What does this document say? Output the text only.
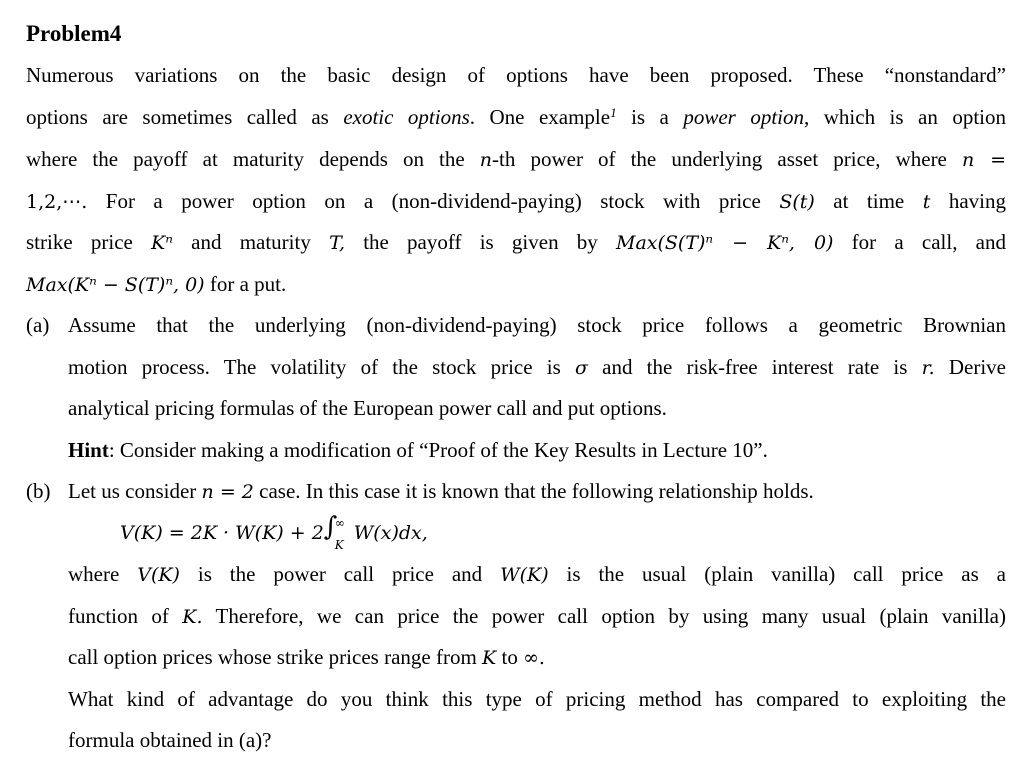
Problem4
Numerous variations on the basic design of options have been proposed. These “nonstandard”
options are sometimes called as exotic options. One example$^1$ is a power option, which is an option
where the payoff at maturity depends on the n-th power of the underlying asset price, where n =
1,2,⋯. For a power option on a (non-dividend-paying) stock with price S(t) at time t having
strike price Kⁿ and maturity T, the payoff is given by Max(S(T)ⁿ − Kⁿ, 0) for a call, and
Max(Kⁿ − S(T)ⁿ, 0) for a put.
(a) Assume that the underlying (non-dividend-paying) stock price follows a geometric Brownian
motion process. The volatility of the stock price is σ and the risk-free interest rate is r. Derive
analytical pricing formulas of the European power call and put options.
Hint: Consider making a modification of “Proof of the Key Results in Lecture 10”.
(b) Let us consider n = 2 case. In this case it is known that the following relationship holds.
V(K) = 2K · W(K) + 2 ∫
∞
K
W(x)dx,
where V(K) is the power call price and W(K) is the usual (plain vanilla) call price as a
function of K. Therefore, we can price the power call option by using many usual (plain vanilla)
call option prices whose strike prices range from K to ∞.
What kind of advantage do you think this type of pricing method has compared to exploiting the
formula obtained in (a)?
